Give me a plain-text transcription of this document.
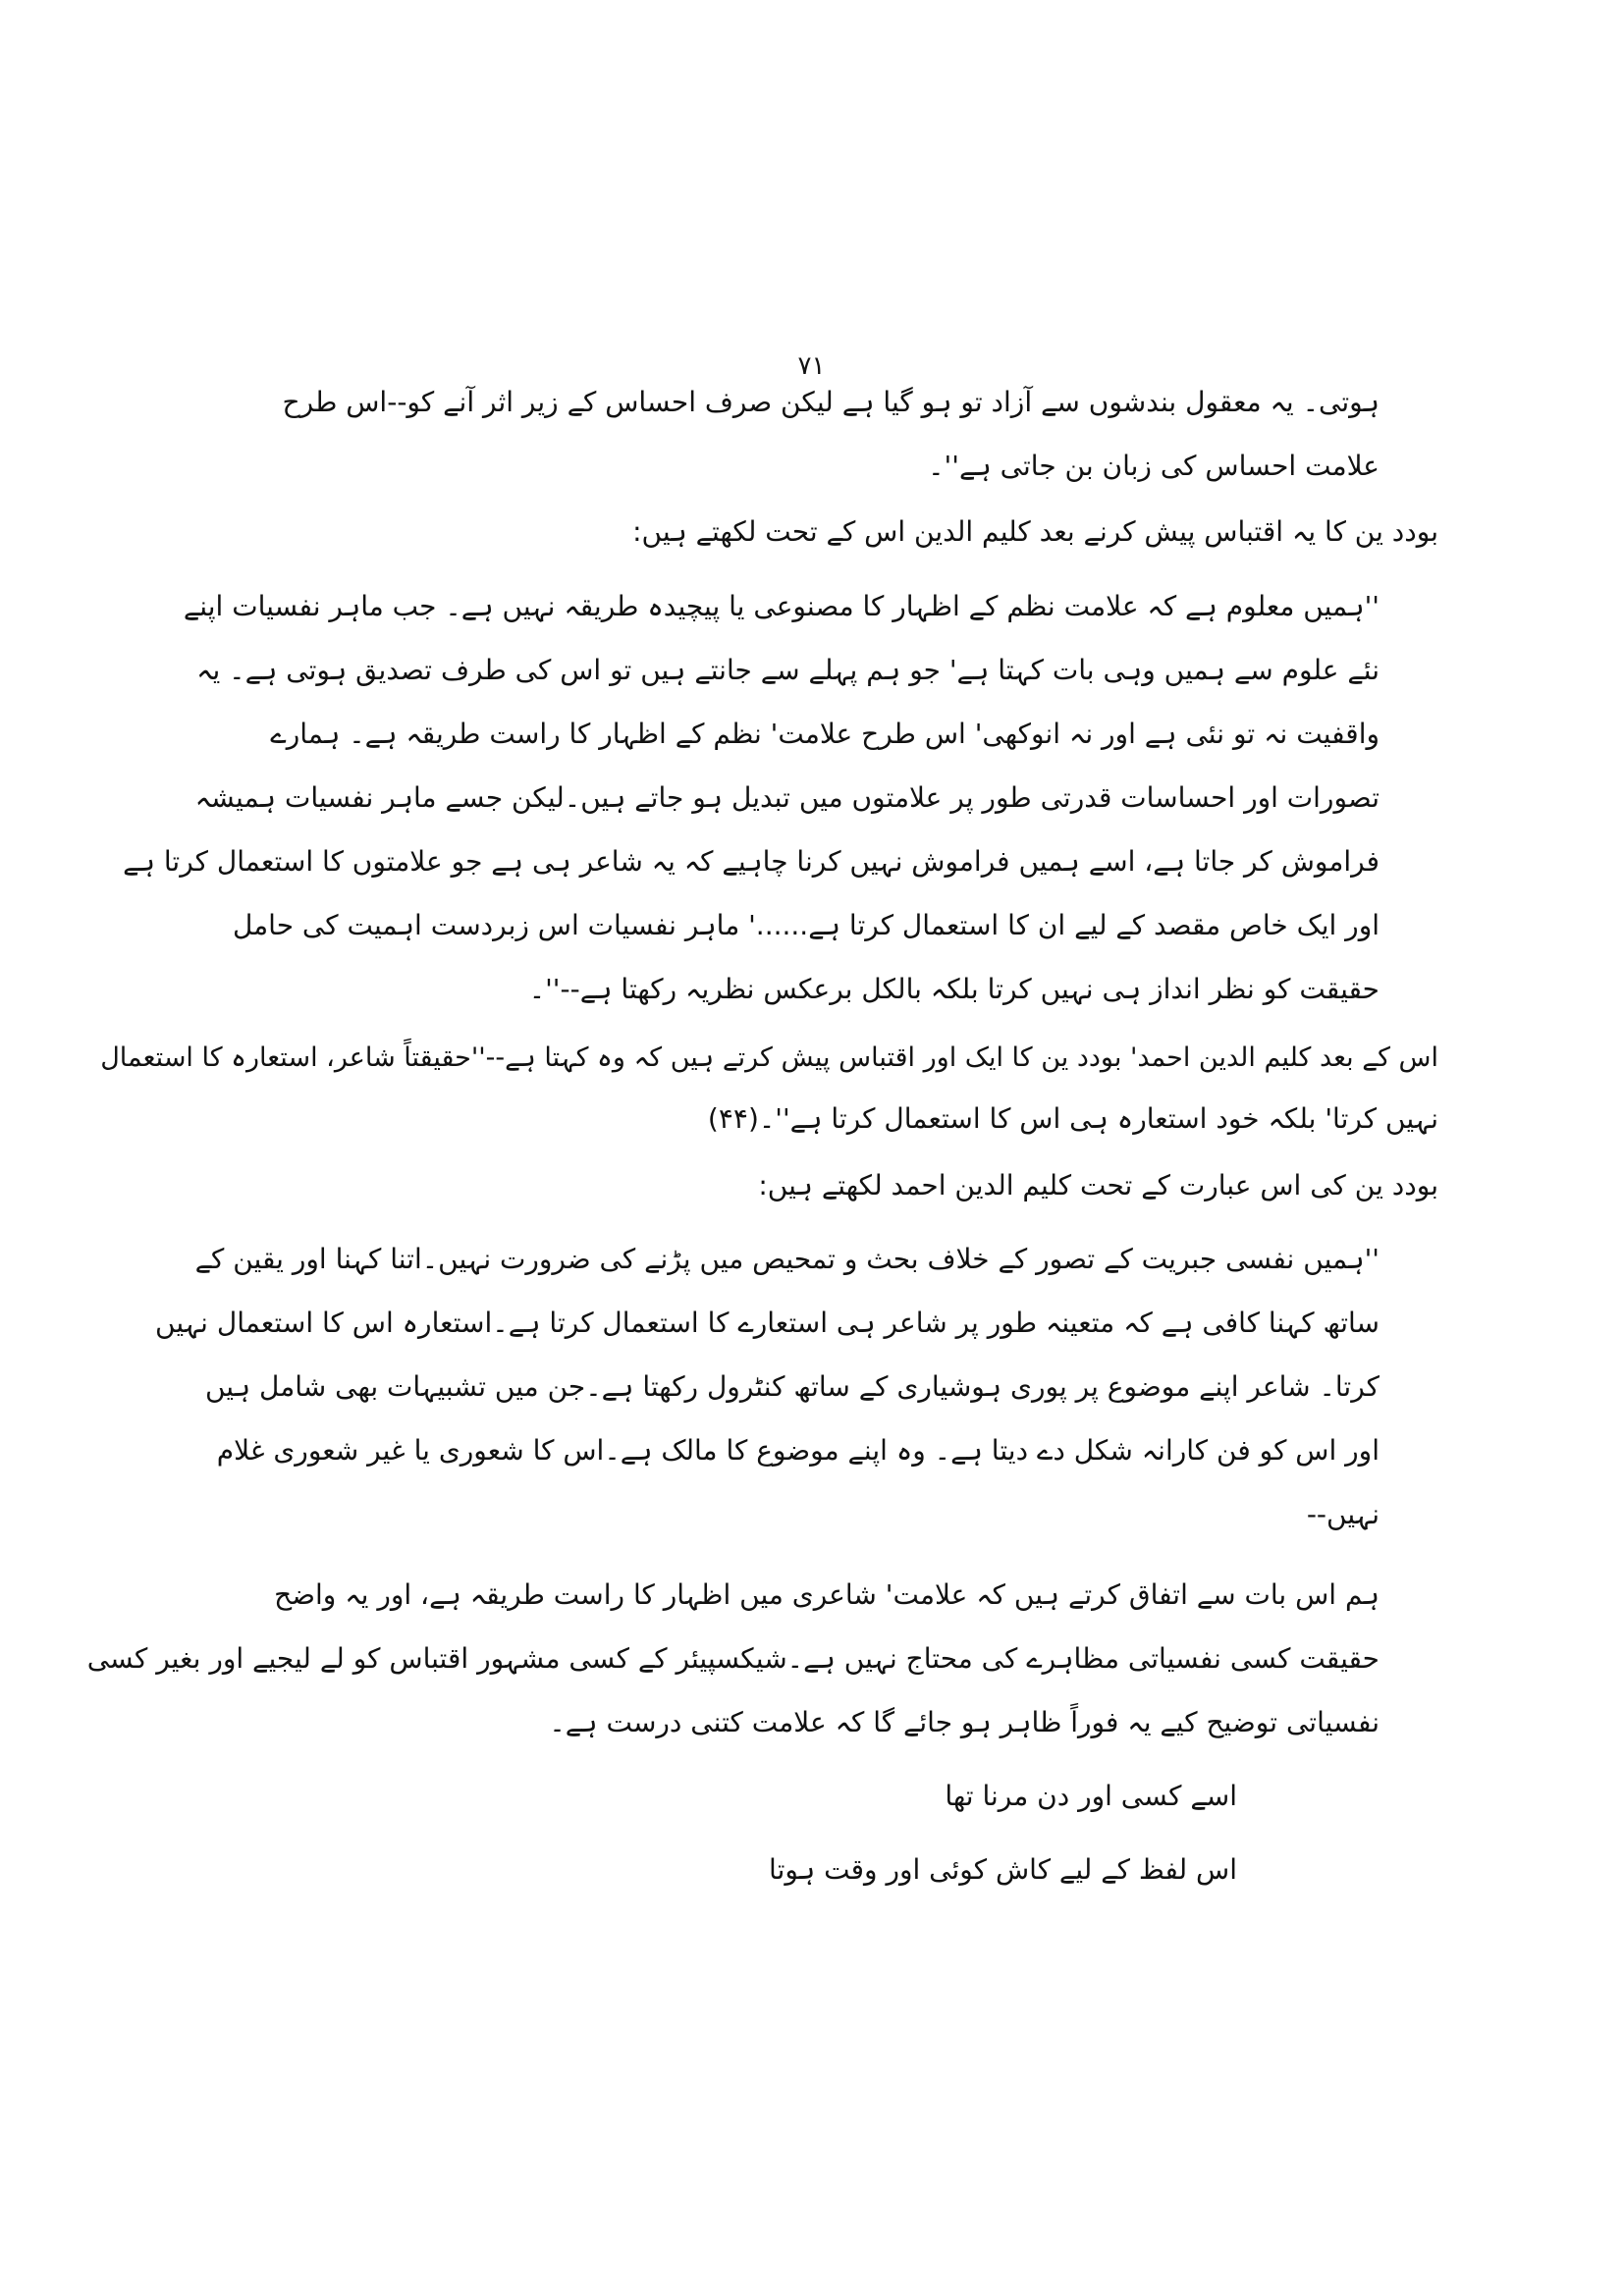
۷۱
ہوتی۔ یہ معقول بندشوں سے آزاد تو ہو گیا ہے لیکن صرف احساس کے زیر اثر آنے کو--اس طرح
علامت احساس کی زبان بن جاتی ہے''۔
بودد ین کا یہ اقتباس پیش کرنے بعد کلیم الدین اس کے تحت لکھتے ہیں:
''ہمیں معلوم ہے کہ علامت نظم کے اظہار کا مصنوعی یا پیچیدہ طریقہ نہیں ہے۔ جب ماہر نفسیات اپنے
نئے علوم سے ہمیں وہی بات کہتا ہے' جو ہم پہلے سے جانتے ہیں تو اس کی طرف تصدیق ہوتی ہے۔ یہ
واقفیت نہ تو نئی ہے اور نہ انوکھی' اس طرح علامت' نظم کے اظہار کا راست طریقہ ہے۔ ہمارے
تصورات اور احساسات قدرتی طور پر علامتوں میں تبدیل ہو جاتے ہیں۔لیکن جسے ماہر نفسیات ہمیشہ
فراموش کر جاتا ہے، اسے ہمیں فراموش نہیں کرنا چاہیے کہ یہ شاعر ہی ہے جو علامتوں کا استعمال کرتا ہے
اور ایک خاص مقصد کے لیے ان کا استعمال کرتا ہے......' ماہر نفسیات اس زبردست اہمیت کی حامل
حقیقت کو نظر انداز ہی نہیں کرتا بلکہ بالکل برعکس نظریہ رکھتا ہے--''۔
اس کے بعد کلیم الدین احمد' بودد ین کا ایک اور اقتباس پیش کرتے ہیں کہ وہ کہتا ہے--''حقیقتاً شاعر، استعارہ کا استعمال
نہیں کرتا' بلکہ خود استعارہ ہی اس کا استعمال کرتا ہے''۔(۴۴)
بودد ین کی اس عبارت کے تحت کلیم الدین احمد لکھتے ہیں:
''ہمیں نفسی جبریت کے تصور کے خلاف بحث و تمحیص میں پڑنے کی ضرورت نہیں۔اتنا کہنا اور یقین کے
ساتھ کہنا کافی ہے کہ متعینہ طور پر شاعر ہی استعارے کا استعمال کرتا ہے۔استعارہ اس کا استعمال نہیں
کرتا۔ شاعر اپنے موضوع پر پوری ہوشیاری کے ساتھ کنٹرول رکھتا ہے۔جن میں تشبیہات بھی شامل ہیں
اور اس کو فن کارانہ شکل دے دیتا ہے۔ وہ اپنے موضوع کا مالک ہے۔اس کا شعوری یا غیر شعوری غلام
نہیں--
ہم اس بات سے اتفاق کرتے ہیں کہ علامت' شاعری میں اظہار کا راست طریقہ ہے، اور یہ واضح
حقیقت کسی نفسیاتی مظاہرے کی محتاج نہیں ہے۔شیکسپیئر کے کسی مشہور اقتباس کو لے لیجیے اور بغیر کسی
نفسیاتی توضیح کیے یہ فوراً ظاہر ہو جائے گا کہ علامت کتنی درست ہے۔
اسے کسی اور دن مرنا تھا
اس لفظ کے لیے کاش کوئی اور وقت ہوتا
